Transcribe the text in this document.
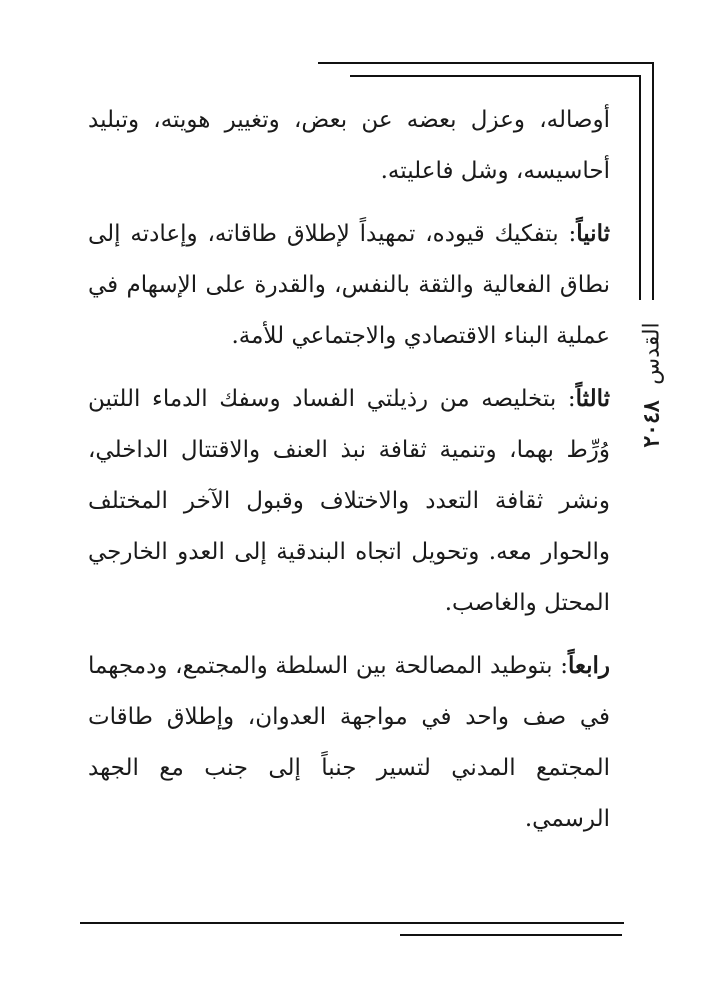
القدس ٢٠٤٨

أوصاله، وعزل بعضه عن بعض، وتغيير هويته، وتبليد أحاسيسه، وشل فاعليته.

ثانياً: بتفكيك قيوده، تمهيداً لإطلاق طاقاته، وإعادته إلى نطاق الفعالية والثقة بالنفس، والقدرة على الإسهام في عملية البناء الاقتصادي والاجتماعي للأمة.

ثالثاً: بتخليصه من رذيلتي الفساد وسفك الدماء اللتين وُرِّط بهما، وتنمية ثقافة نبذ العنف والاقتتال الداخلي، ونشر ثقافة التعدد والاختلاف وقبول الآخر المختلف والحوار معه. وتحويل اتجاه البندقية إلى العدو الخارجي المحتل والغاصب.

رابعاً: بتوطيد المصالحة بين السلطة والمجتمع، ودمجهما في صف واحد في مواجهة العدوان، وإطلاق طاقات المجتمع المدني لتسير جنباً إلى جنب مع الجهد الرسمي.
